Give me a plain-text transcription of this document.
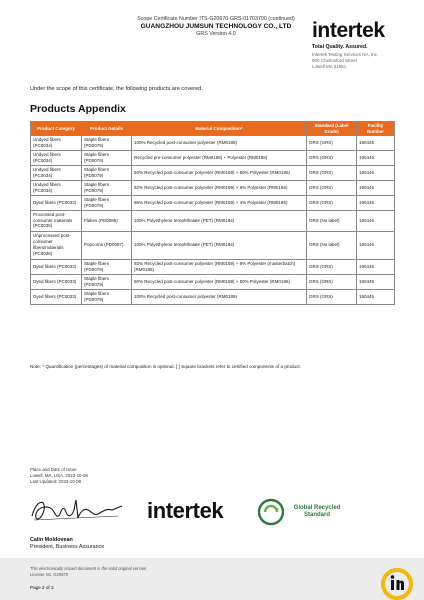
Scope Certificate Number ITS-G20670-GRS-01703700 (continued)
GUANGZHOU JUMSUN TECHNOLOGY CO., LTD
GRS Version 4.0	intertek
Total Quality. Assured.
Intertek Testing Services NA, Inc.
900 Chelmsford Street
Lowell MA 01851
Under the scope of this certificate, the following products are covered.
Products Appendix
Product Category	Product Details	Material Composition*	Standard (Label Grade)	Facility Number
Undyed fibers (PC0034)	Staple fibers (PD0079)	100% Recycled post-consumer polyester (RM0189)	GRS (GRS)	190445
Undyed fibers (PC0034)	Staple fibers (PD0079)	Recycled pre-consumer polyester (RM0188) + Polyester (RM0186)	GRS (GRS)	190445
Undyed fibers (PC0034)	Staple fibers (PD0079)	50% Recycled post-consumer polyester (RM0189) + 50% Polyester (RM0186)	GRS (GRS)	190445
Undyed fibers (PC0034)	Staple fibers (PD0079)	92% Recycled post-consumer polyester (RM0189) + 8% Polyester (RM0186)	GRS (GRS)	190445
Dyed fibers (PC0033)	Staple fibers (PD0079)	96% Recycled post-consumer polyester (RM0189) + 4% Polyester (RM0186)	GRS (GRS)	190445
Processed post-consumer materials (PC0035)	Flakes (PD0086)	100% Polyethylene terephthalate (PET) (RM0194)	GRS (No label)	190445
Unprocessed post-consumer fibers/materials (PC0036)	Popcorns (PD0087)	100% Polyethylene terephthalate (PET) (RM0194)	GRS (No label)	190445
Dyed fibers (PC0033)	Staple fibers (PD0079)	92% Recycled post-consumer polyester (RM0189) + 8% Polyester (masterbatch) (RM0186)	GRS (GRS)	190445
Dyed fibers (PC0033)	Staple fibers (PD0079)	50% Recycled post-consumer polyester (RM0189) + 50% Polyester (RM0186)	GRS (GRS)	190445
Dyed fibers (PC0033)	Staple fibers (PD0079)	100% Recycled post-consumer polyester (RM0189)	GRS (GRS)	190445
Note: * Quantification (percentages) of material composition is optional. [ ] Square brackets refer to certified components of a product.
Place and Date of Issue
Lowell, MA, USA, 2023-10-08
Last Updated: 2023-10-08
intertek	Global Recycled
Standard
Calin Moldovean
President, Business Assurance
This electronically issued document is the valid original version
License No. G20670
Page 2 of 3
